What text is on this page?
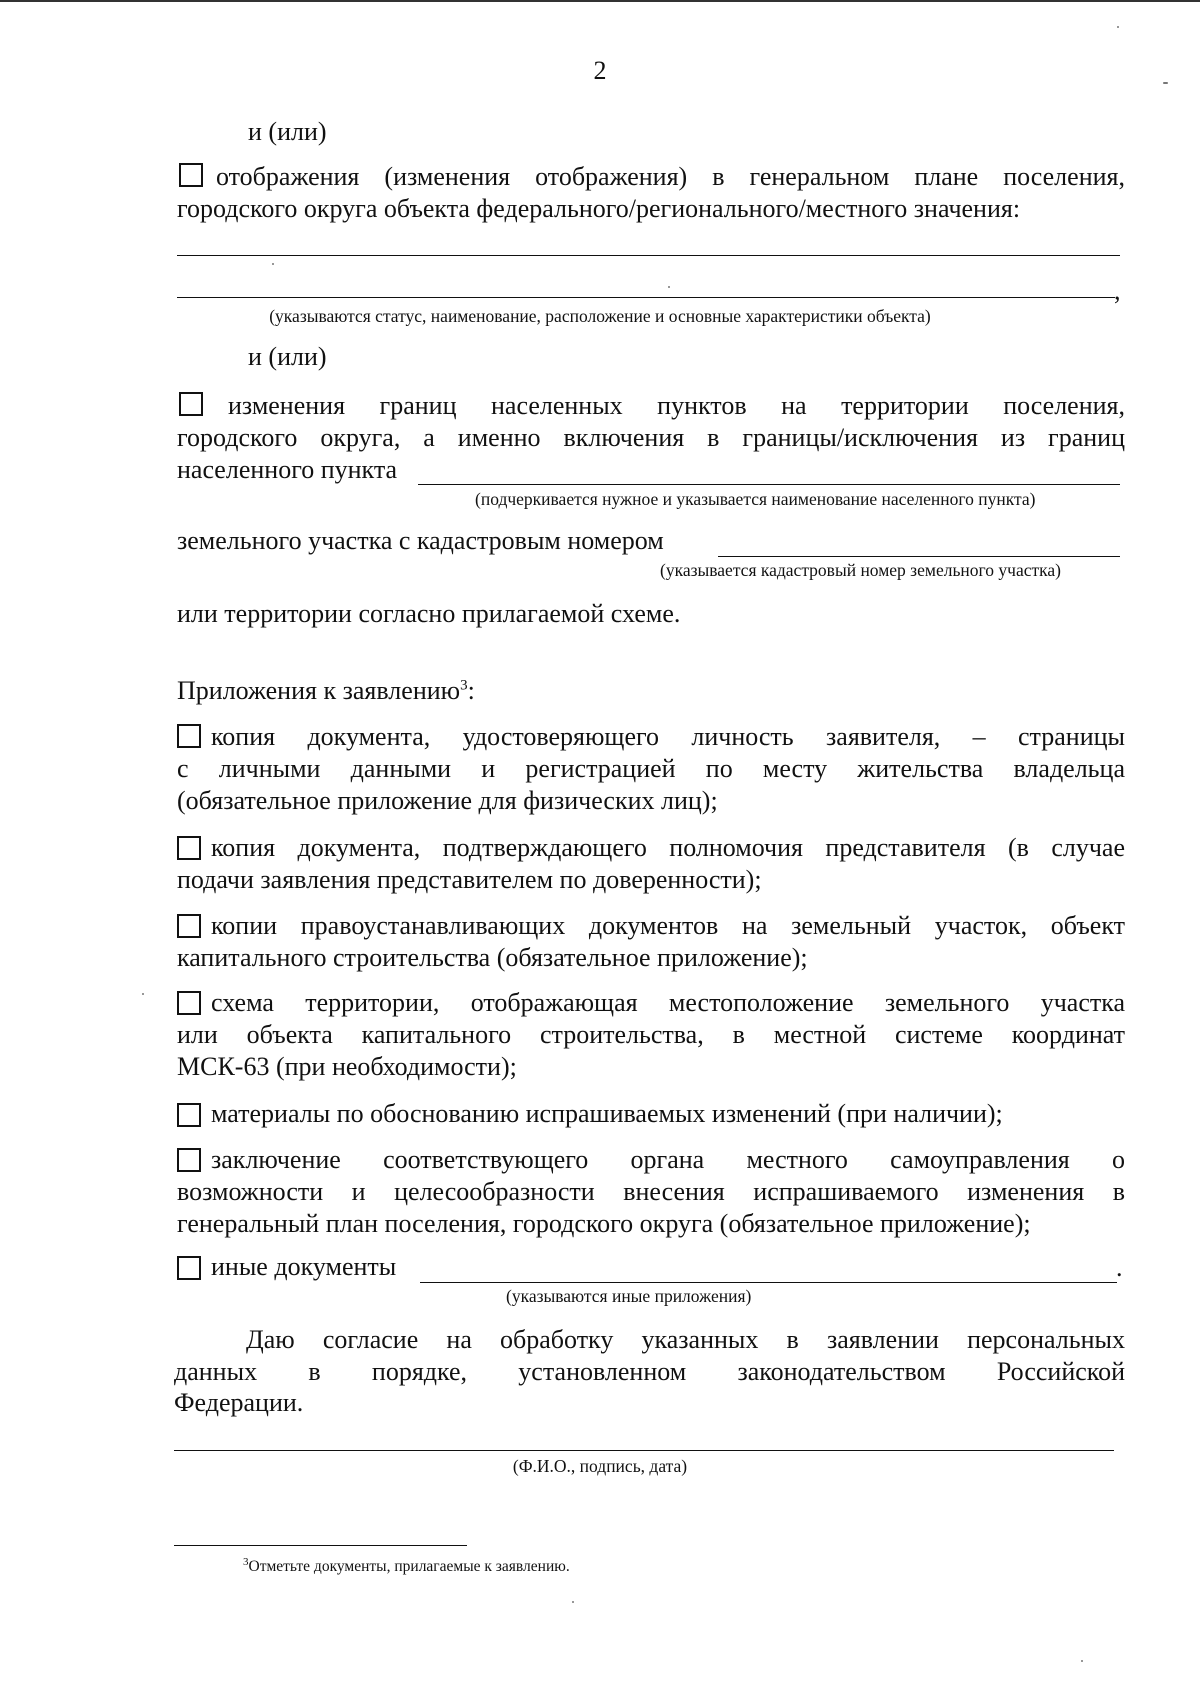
2
и (или)
отображения (изменения отображения) в генеральном плане поселения,
городского округа объекта федерального/регионального/местного значения:
,
(указываются статус, наименование, расположение и основные характеристики объекта)
и (или)
изменения границ населенных пунктов на территории поселения,
городского округа, а именно включения в границы/исключения из границ
населенного пункта
(подчеркивается нужное и указывается наименование населенного пункта)
земельного участка с кадастровым номером
(указывается кадастровый номер земельного участка)
или территории согласно прилагаемой схеме.
Приложения к заявлению$^3$:
копия документа, удостоверяющего личность заявителя, – страницы
с личными данными и регистрацией по месту жительства владельца
(обязательное приложение для физических лиц);
копия документа, подтверждающего полномочия представителя (в случае
подачи заявления представителем по доверенности);
копии правоустанавливающих документов на земельный участок, объект
капитального строительства (обязательное приложение);
схема территории, отображающая местоположение земельного участка
или объекта капитального строительства, в местной системе координат
МСК-63 (при необходимости);
материалы по обоснованию испрашиваемых изменений (при наличии);
заключение соответствующего органа местного самоуправления о
возможности и целесообразности внесения испрашиваемого изменения в
генеральный план поселения, городского округа (обязательное приложение);
иные документы	.
(указываются иные приложения)
Даю согласие на обработку указанных в заявлении персональных
данных в порядке, установленном законодательством Российской
Федерации.
(Ф.И.О., подпись, дата)
$^3$Отметьте документы, прилагаемые к заявлению.
